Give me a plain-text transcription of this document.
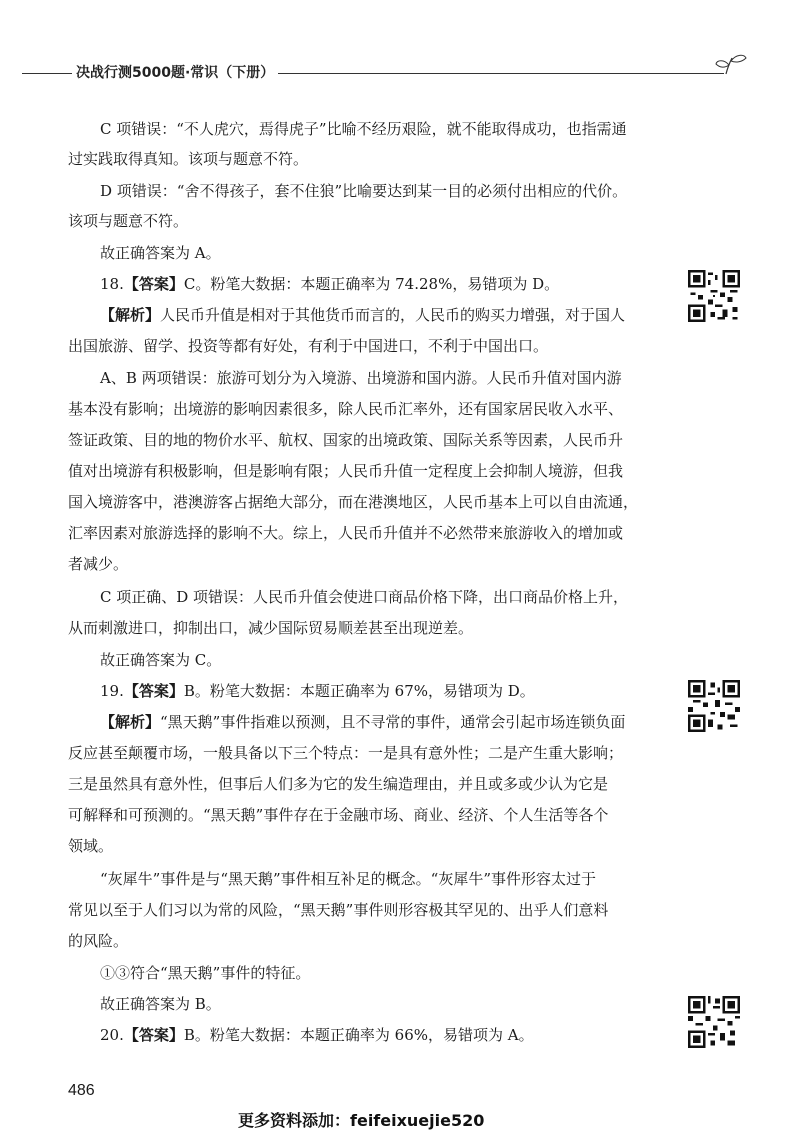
决战行测5000题·常识（下册）

C 项错误：“不人虎穴，焉得虎子”比喻不经历艰险，就不能取得成功，也指需通

过实践取得真知。该项与题意不符。

D 项错误：“舍不得孩子，套不住狼”比喻要达到某一目的必须付出相应的代价。

该项与题意不符。

故正确答案为 A。

18.【答案】C。粉笔大数据：本题正确率为 74.28%，易错项为 D。

【解析】人民币升值是相对于其他货币而言的，人民币的购买力增强，对于国人

出国旅游、留学、投资等都有好处，有利于中国进口，不利于中国出口。

A、B 两项错误：旅游可划分为入境游、出境游和国内游。人民币升值对国内游

基本没有影响；出境游的影响因素很多，除人民币汇率外，还有国家居民收入水平、

签证政策、目的地的物价水平、航权、国家的出境政策、国际关系等因素，人民币升

值对出境游有积极影响，但是影响有限；人民币升值一定程度上会抑制人境游，但我

国入境游客中，港澳游客占据绝大部分，而在港澳地区，人民币基本上可以自由流通，

汇率因素对旅游选择的影响不大。综上，人民币升值并不必然带来旅游收入的增加或

者减少。

C 项正确、D 项错误：人民币升值会使进口商品价格下降，出口商品价格上升，

从而刺激进口，抑制出口，减少国际贸易顺差甚至出现逆差。

故正确答案为 C。

19.【答案】B。粉笔大数据：本题正确率为 67%，易错项为 D。

【解析】“黑天鹅”事件指难以预测，且不寻常的事件，通常会引起市场连锁负面

反应甚至颠覆市场，一般具备以下三个特点：一是具有意外性；二是产生重大影响；

三是虽然具有意外性，但事后人们多为它的发生编造理由，并且或多或少认为它是

可解释和可预测的。“黑天鹅”事件存在于金融市场、商业、经济、个人生活等各个

领域。

“灰犀牛”事件是与“黑天鹅”事件相互补足的概念。“灰犀牛”事件形容太过于

常见以至于人们习以为常的风险，“黑天鹅”事件则形容极其罕见的、出乎人们意料

的风险。

①③符合“黑天鹅”事件的特征。

故正确答案为 B。

20.【答案】B。粉笔大数据：本题正确率为 66%，易错项为 A。

486
更多资料添加：feifeixuejie520
